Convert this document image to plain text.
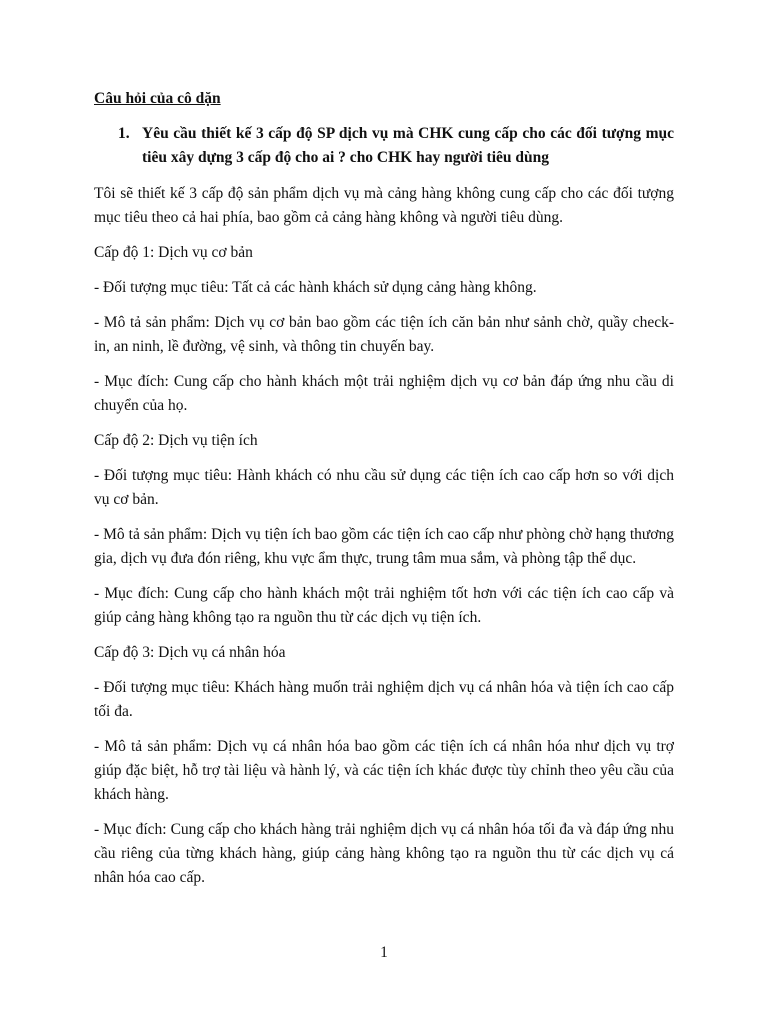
Câu hỏi của cô dặn
1. Yêu cầu thiết kế 3 cấp độ SP dịch vụ mà CHK cung cấp cho các đối tượng mục tiêu xây dựng 3 cấp độ cho ai ? cho CHK hay người tiêu dùng

Tôi sẽ thiết kế 3 cấp độ sản phẩm dịch vụ mà cảng hàng không cung cấp cho các đối tượng mục tiêu theo cả hai phía, bao gồm cả cảng hàng không và người tiêu dùng.

Cấp độ 1: Dịch vụ cơ bản

- Đối tượng mục tiêu: Tất cả các hành khách sử dụng cảng hàng không.

- Mô tả sản phẩm: Dịch vụ cơ bản bao gồm các tiện ích căn bản như sảnh chờ, quầy check-in, an ninh, lề đường, vệ sinh, và thông tin chuyến bay.

- Mục đích: Cung cấp cho hành khách một trải nghiệm dịch vụ cơ bản đáp ứng nhu cầu di chuyển của họ.

Cấp độ 2: Dịch vụ tiện ích

- Đối tượng mục tiêu: Hành khách có nhu cầu sử dụng các tiện ích cao cấp hơn so với dịch vụ cơ bản.

- Mô tả sản phẩm: Dịch vụ tiện ích bao gồm các tiện ích cao cấp như phòng chờ hạng thương gia, dịch vụ đưa đón riêng, khu vực ẩm thực, trung tâm mua sắm, và phòng tập thể dục.

- Mục đích: Cung cấp cho hành khách một trải nghiệm tốt hơn với các tiện ích cao cấp và giúp cảng hàng không tạo ra nguồn thu từ các dịch vụ tiện ích.

Cấp độ 3: Dịch vụ cá nhân hóa

- Đối tượng mục tiêu: Khách hàng muốn trải nghiệm dịch vụ cá nhân hóa và tiện ích cao cấp tối đa.

- Mô tả sản phẩm: Dịch vụ cá nhân hóa bao gồm các tiện ích cá nhân hóa như dịch vụ trợ giúp đặc biệt, hỗ trợ tài liệu và hành lý, và các tiện ích khác được tùy chỉnh theo yêu cầu của khách hàng.

- Mục đích: Cung cấp cho khách hàng trải nghiệm dịch vụ cá nhân hóa tối đa và đáp ứng nhu cầu riêng của từng khách hàng, giúp cảng hàng không tạo ra nguồn thu từ các dịch vụ cá nhân hóa cao cấp.

1
